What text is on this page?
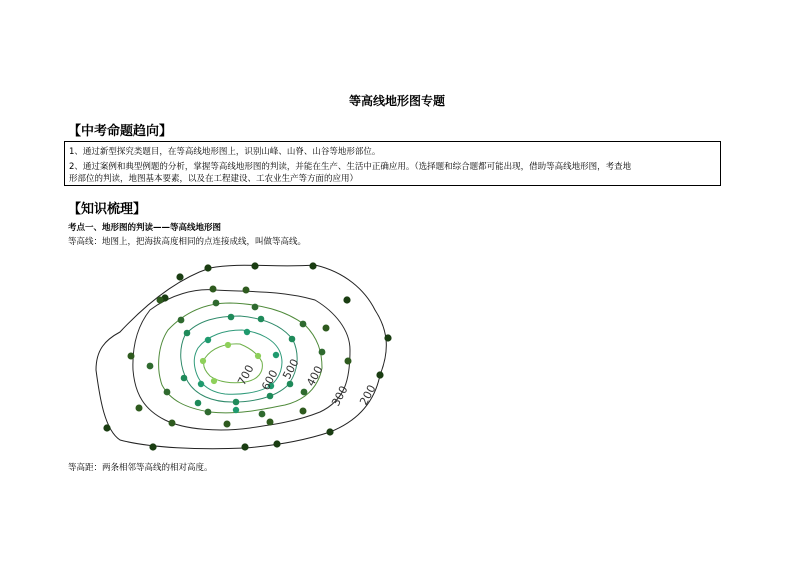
等高线地形图专题
【中考命题趋向】
1、通过新型探究类题目，在等高线地形图上，识别山峰、山脊、山谷等地形部位。
2、通过案例和典型例题的分析，掌握等高线地形图的判读，并能在生产、生活中正确应用。（选择题和综合题都可能出现，借助等高线地形图，考查地
形部位的判读，地图基本要素，以及在工程建设、工农业生产等方面的应用）
【知识梳理】
考点一、地形图的判读——等高线地形图
等高线：地图上，把海拔高度相同的点连接成线，叫做等高线。
700 600 500 400
300 200
等高距：两条相邻等高线的相对高度。
